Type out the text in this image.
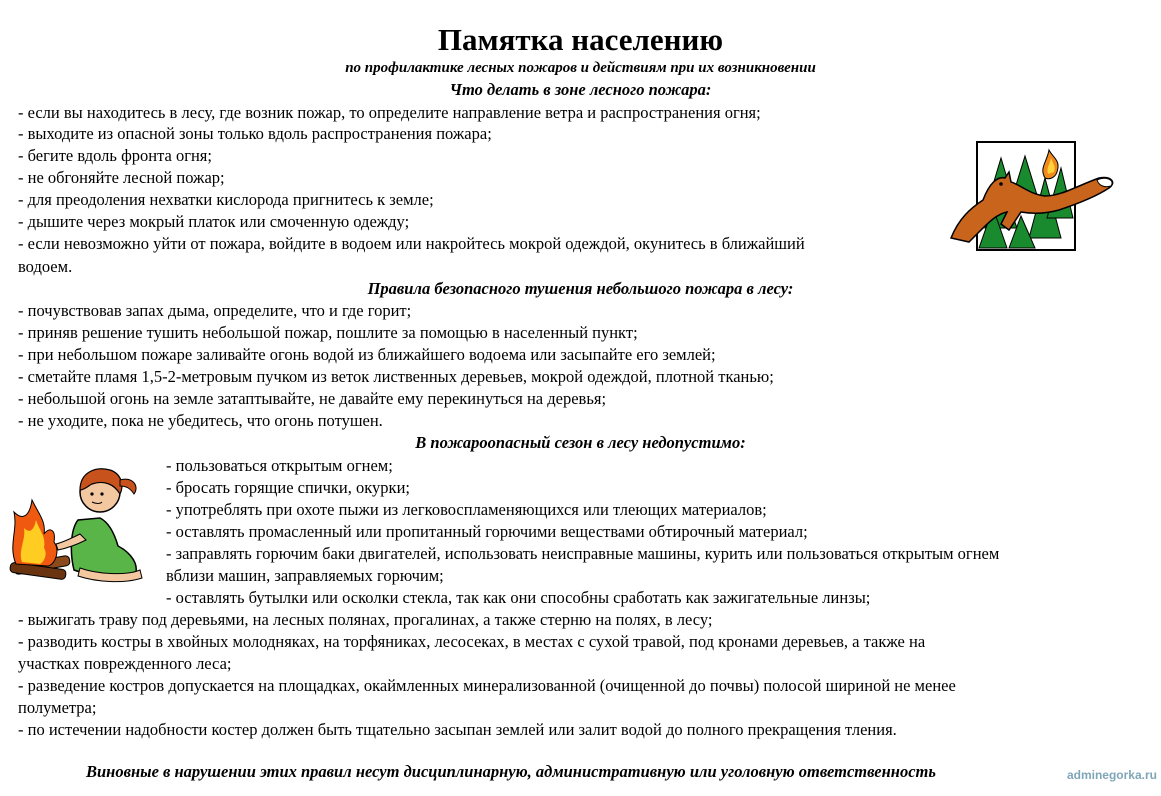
Памятка населению
по профилактике лесных пожаров и действиям при их возникновении
Что делать в зоне лесного пожара:
- если вы находитесь в лесу, где возник пожар, то определите направление ветра и распространения огня;
- выходите из опасной зоны только вдоль распространения пожара;
- бегите вдоль фронта огня;
- не обгоняйте лесной пожар;
- для преодоления нехватки кислорода пригнитесь к земле;
- дышите через мокрый платок или смоченную одежду;
- если невозможно уйти от пожара, войдите в водоем или накройтесь мокрой одеждой, окунитесь в ближайший
водоем.
Правила безопасного тушения небольшого пожара в лесу:
- почувствовав запах дыма, определите, что и где горит;
- приняв решение тушить небольшой пожар, пошлите за помощью в населенный пункт;
- при небольшом пожаре заливайте огонь водой из ближайшего водоема или засыпайте его землей;
- сметайте пламя 1,5-2-метровым пучком из веток лиственных деревьев, мокрой одеждой, плотной тканью;
- небольшой огонь на земле затаптывайте, не давайте ему перекинуться на деревья;
- не уходите, пока не убедитесь, что огонь потушен.
В пожароопасный сезон в лесу недопустимо:
- пользоваться открытым огнем;
- бросать горящие спички, окурки;
- употреблять при охоте пыжи из легковоспламеняющихся или тлеющих материалов;
- оставлять промасленный или пропитанный горючими веществами обтирочный материал;
- заправлять горючим баки двигателей, использовать неисправные машины, курить или пользоваться открытым огнем
вблизи машин, заправляемых горючим;
- оставлять бутылки или осколки стекла, так как они способны сработать как зажигательные линзы;
- выжигать траву под деревьями, на лесных полянах, прогалинах, а также стерню на полях, в лесу;
- разводить костры в хвойных молодняках, на торфяниках, лесосеках, в местах с сухой травой, под кронами деревьев, а также на
участках поврежденного леса;
- разведение костров допускается на площадках, окаймленных минерализованной (очищенной до почвы) полосой шириной не менее
полуметра;
- по истечении надобности костер должен быть тщательно засыпан землей или залит водой до полного прекращения тления.
Виновные в нарушении этих правил несут дисциплинарную, административную или уголовную ответственность	adminegorka.ru
